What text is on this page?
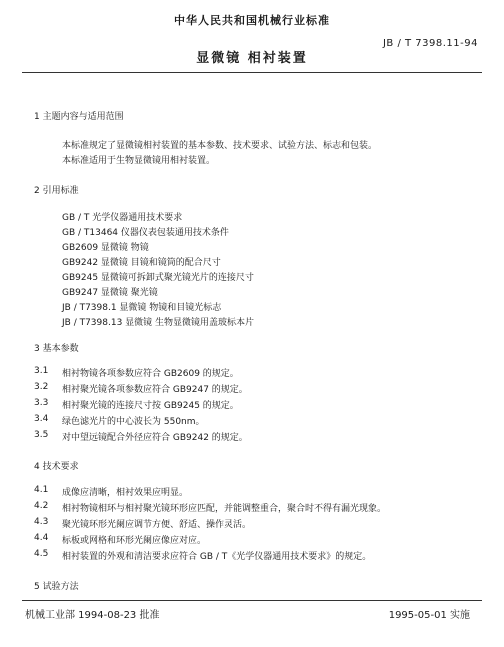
中华人民共和国机械行业标准
JB / T 7398.11-94
显微镜 相衬装置
1 主题内容与适用范围
本标准规定了显微镜相衬装置的基本参数、技术要求、试验方法、标志和包装。
本标准适用于生物显微镜用相衬装置。
2 引用标准
GB / T 光学仪器通用技术要求
GB / T13464 仪器仪表包装通用技术条件
GB2609 显微镜 物镜
GB9242 显微镜 目镜和镜筒的配合尺寸
GB9245 显微镜可拆卸式聚光镜光片的连接尺寸
GB9247 显微镜 聚光镜
JB / T7398.1 显微镜 物镜和目镜光标志
JB / T7398.13 显微镜 生物显微镜用盖玻标本片
3 基本参数
3.1 相衬物镜各项参数应符合 GB2609 的规定。
3.2 相衬聚光镜各项参数应符合 GB9247 的规定。
3.3 相衬聚光镜的连接尺寸按 GB9245 的规定。
3.4 绿色滤光片的中心波长为 550nm。
3.5 对中望远镜配合外径应符合 GB9242 的规定。
4 技术要求
4.1 成像应清晰，相衬效果应明显。
4.2 相衬物镜相环与相衬聚光镜环形应匹配，并能调整重合，聚合时不得有漏光现象。
4.3 聚光镜环形光阑应调节方便、舒适、操作灵活。
4.4 标板或网格和环形光阑应像应对应。
4.5 相衬装置的外观和清洁要求应符合 GB / T《光学仪器通用技术要求》的规定。
5 试验方法
机械工业部 1994-08-23 批准	1995-05-01 实施
